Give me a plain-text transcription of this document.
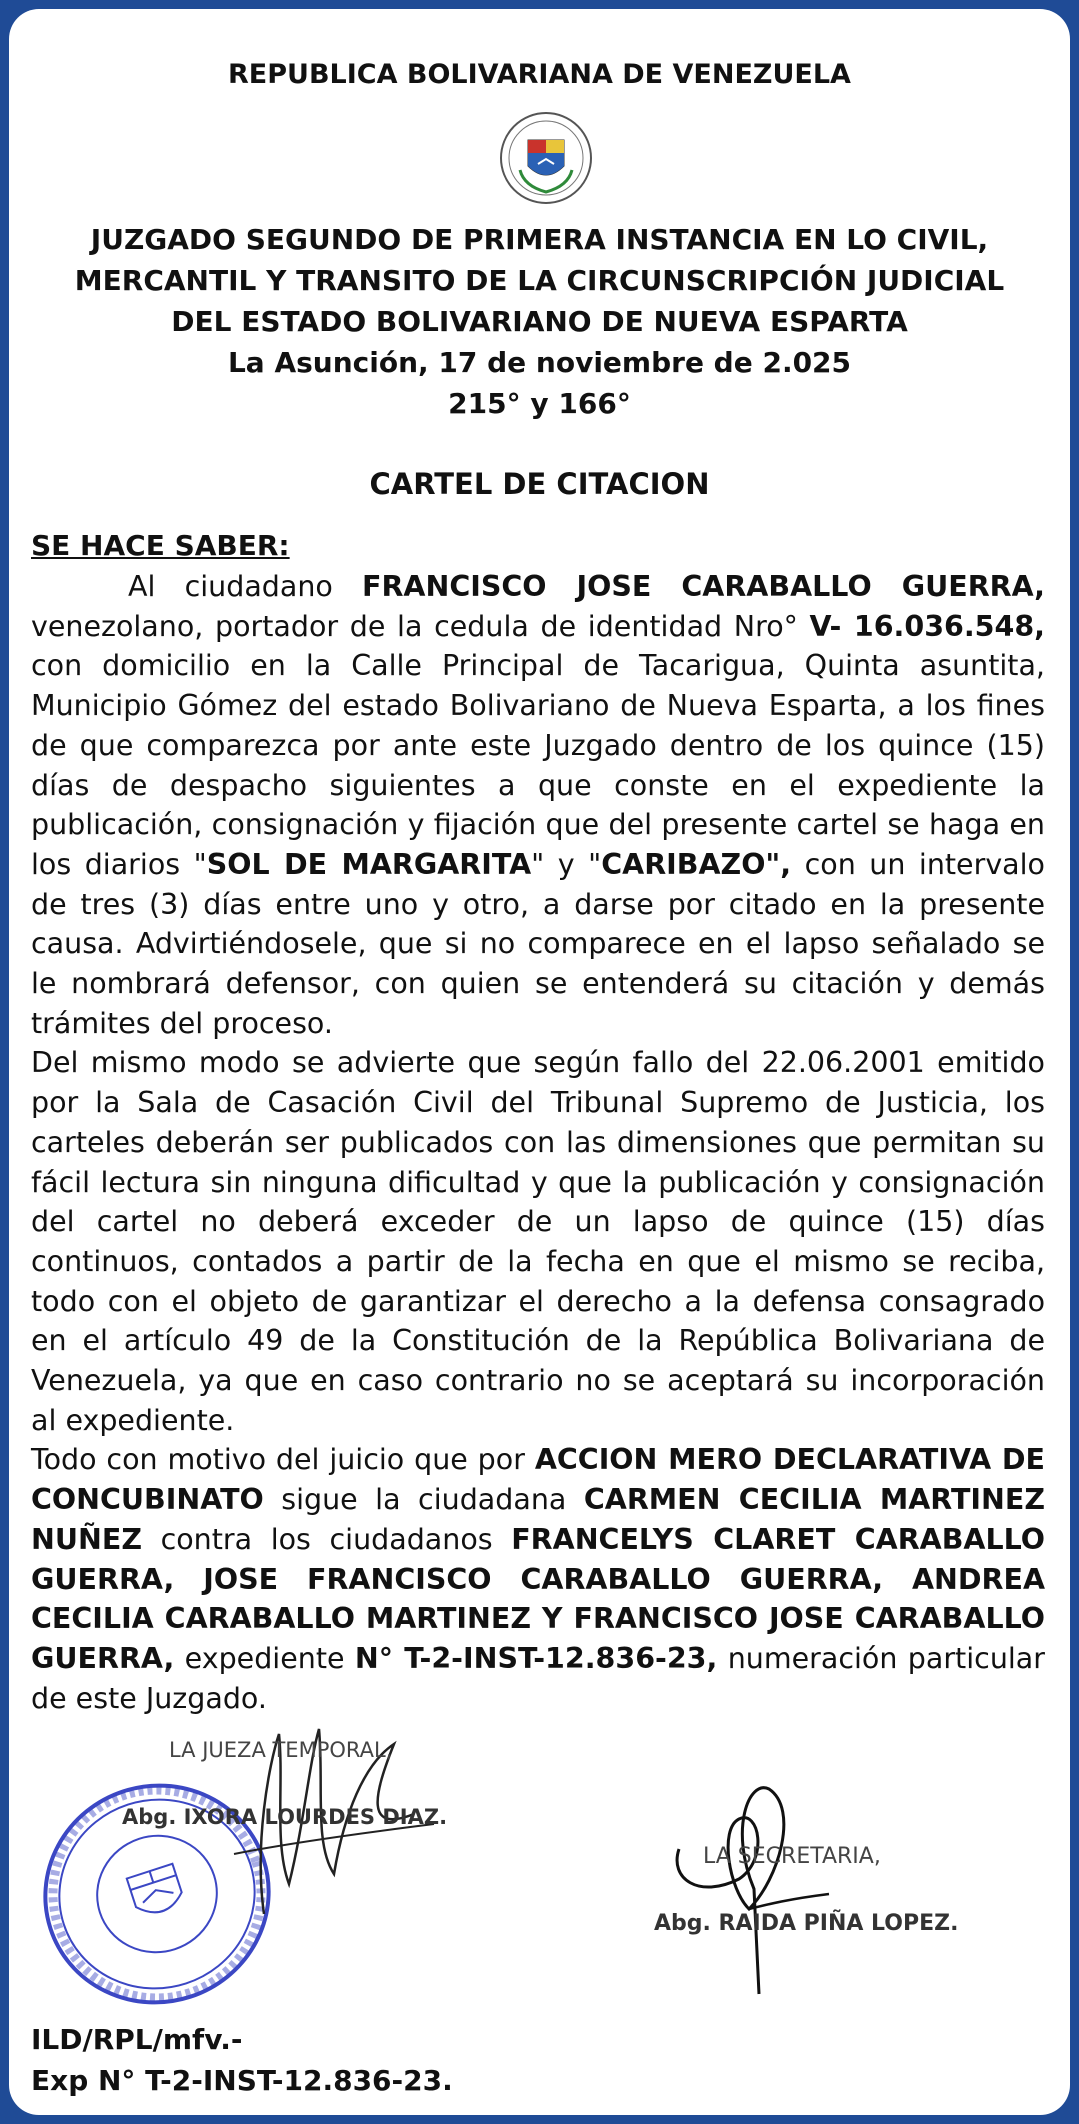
REPUBLICA BOLIVARIANA DE VENEZUELA
JUZGADO SEGUNDO DE PRIMERA INSTANCIA EN LO CIVIL,
MERCANTIL Y TRANSITO DE LA CIRCUNSCRIPCIÓN JUDICIAL
DEL ESTADO BOLIVARIANO DE NUEVA ESPARTA
La Asunción, 17 de noviembre de 2.025
215° y 166°
CARTEL DE CITACION
SE HACE SABER:

Al ciudadano FRANCISCO JOSE CARABALLO GUERRA, venezolano, portador de la cedula de identidad Nro° V- 16.036.548, con domicilio en la Calle Principal de Tacarigua, Quinta asuntita, Municipio Gómez del estado Bolivariano de Nueva Esparta, a los fines de que comparezca por ante este Juzgado dentro de los quince (15) días de despacho siguientes a que conste en el expediente la publicación, consignación y fijación que del presente cartel se haga en los diarios "SOL DE MARGARITA" y "CARIBAZO", con un intervalo de tres (3) días entre uno y otro, a darse por citado en la presente causa. Advirtiéndosele, que si no comparece en el lapso señalado se le nombrará defensor, con quien se entenderá su citación y demás trámites del proceso.

Del mismo modo se advierte que según fallo del 22.06.2001 emitido por la Sala de Casación Civil del Tribunal Supremo de Justicia, los carteles deberán ser publicados con las dimensiones que permitan su fácil lectura sin ninguna dificultad y que la publicación y consignación del cartel no deberá exceder de un lapso de quince (15) días continuos, contados a partir de la fecha en que el mismo se reciba, todo con el objeto de garantizar el derecho a la defensa consagrado en el artículo 49 de la Constitución de la República Bolivariana de Venezuela, ya que en caso contrario no se aceptará su incorporación al expediente.

Todo con motivo del juicio que por ACCION MERO DECLARATIVA DE CONCUBINATO sigue la ciudadana CARMEN CECILIA MARTINEZ NUÑEZ contra los ciudadanos FRANCELYS CLARET CARABALLO GUERRA, JOSE FRANCISCO CARABALLO GUERRA, ANDREA CECILIA CARABALLO MARTINEZ Y FRANCISCO JOSE CARABALLO GUERRA, expediente N° T-2-INST-12.836-23, numeración particular de este Juzgado.

LA JUEZA TEMPORAL,
Abg. IXORA LOURDES DIAZ.
LA SECRETARIA,
Abg. RAIDA PIÑA LOPEZ.
ILD/RPL/mfv.-
Exp N° T-2-INST-12.836-23.
